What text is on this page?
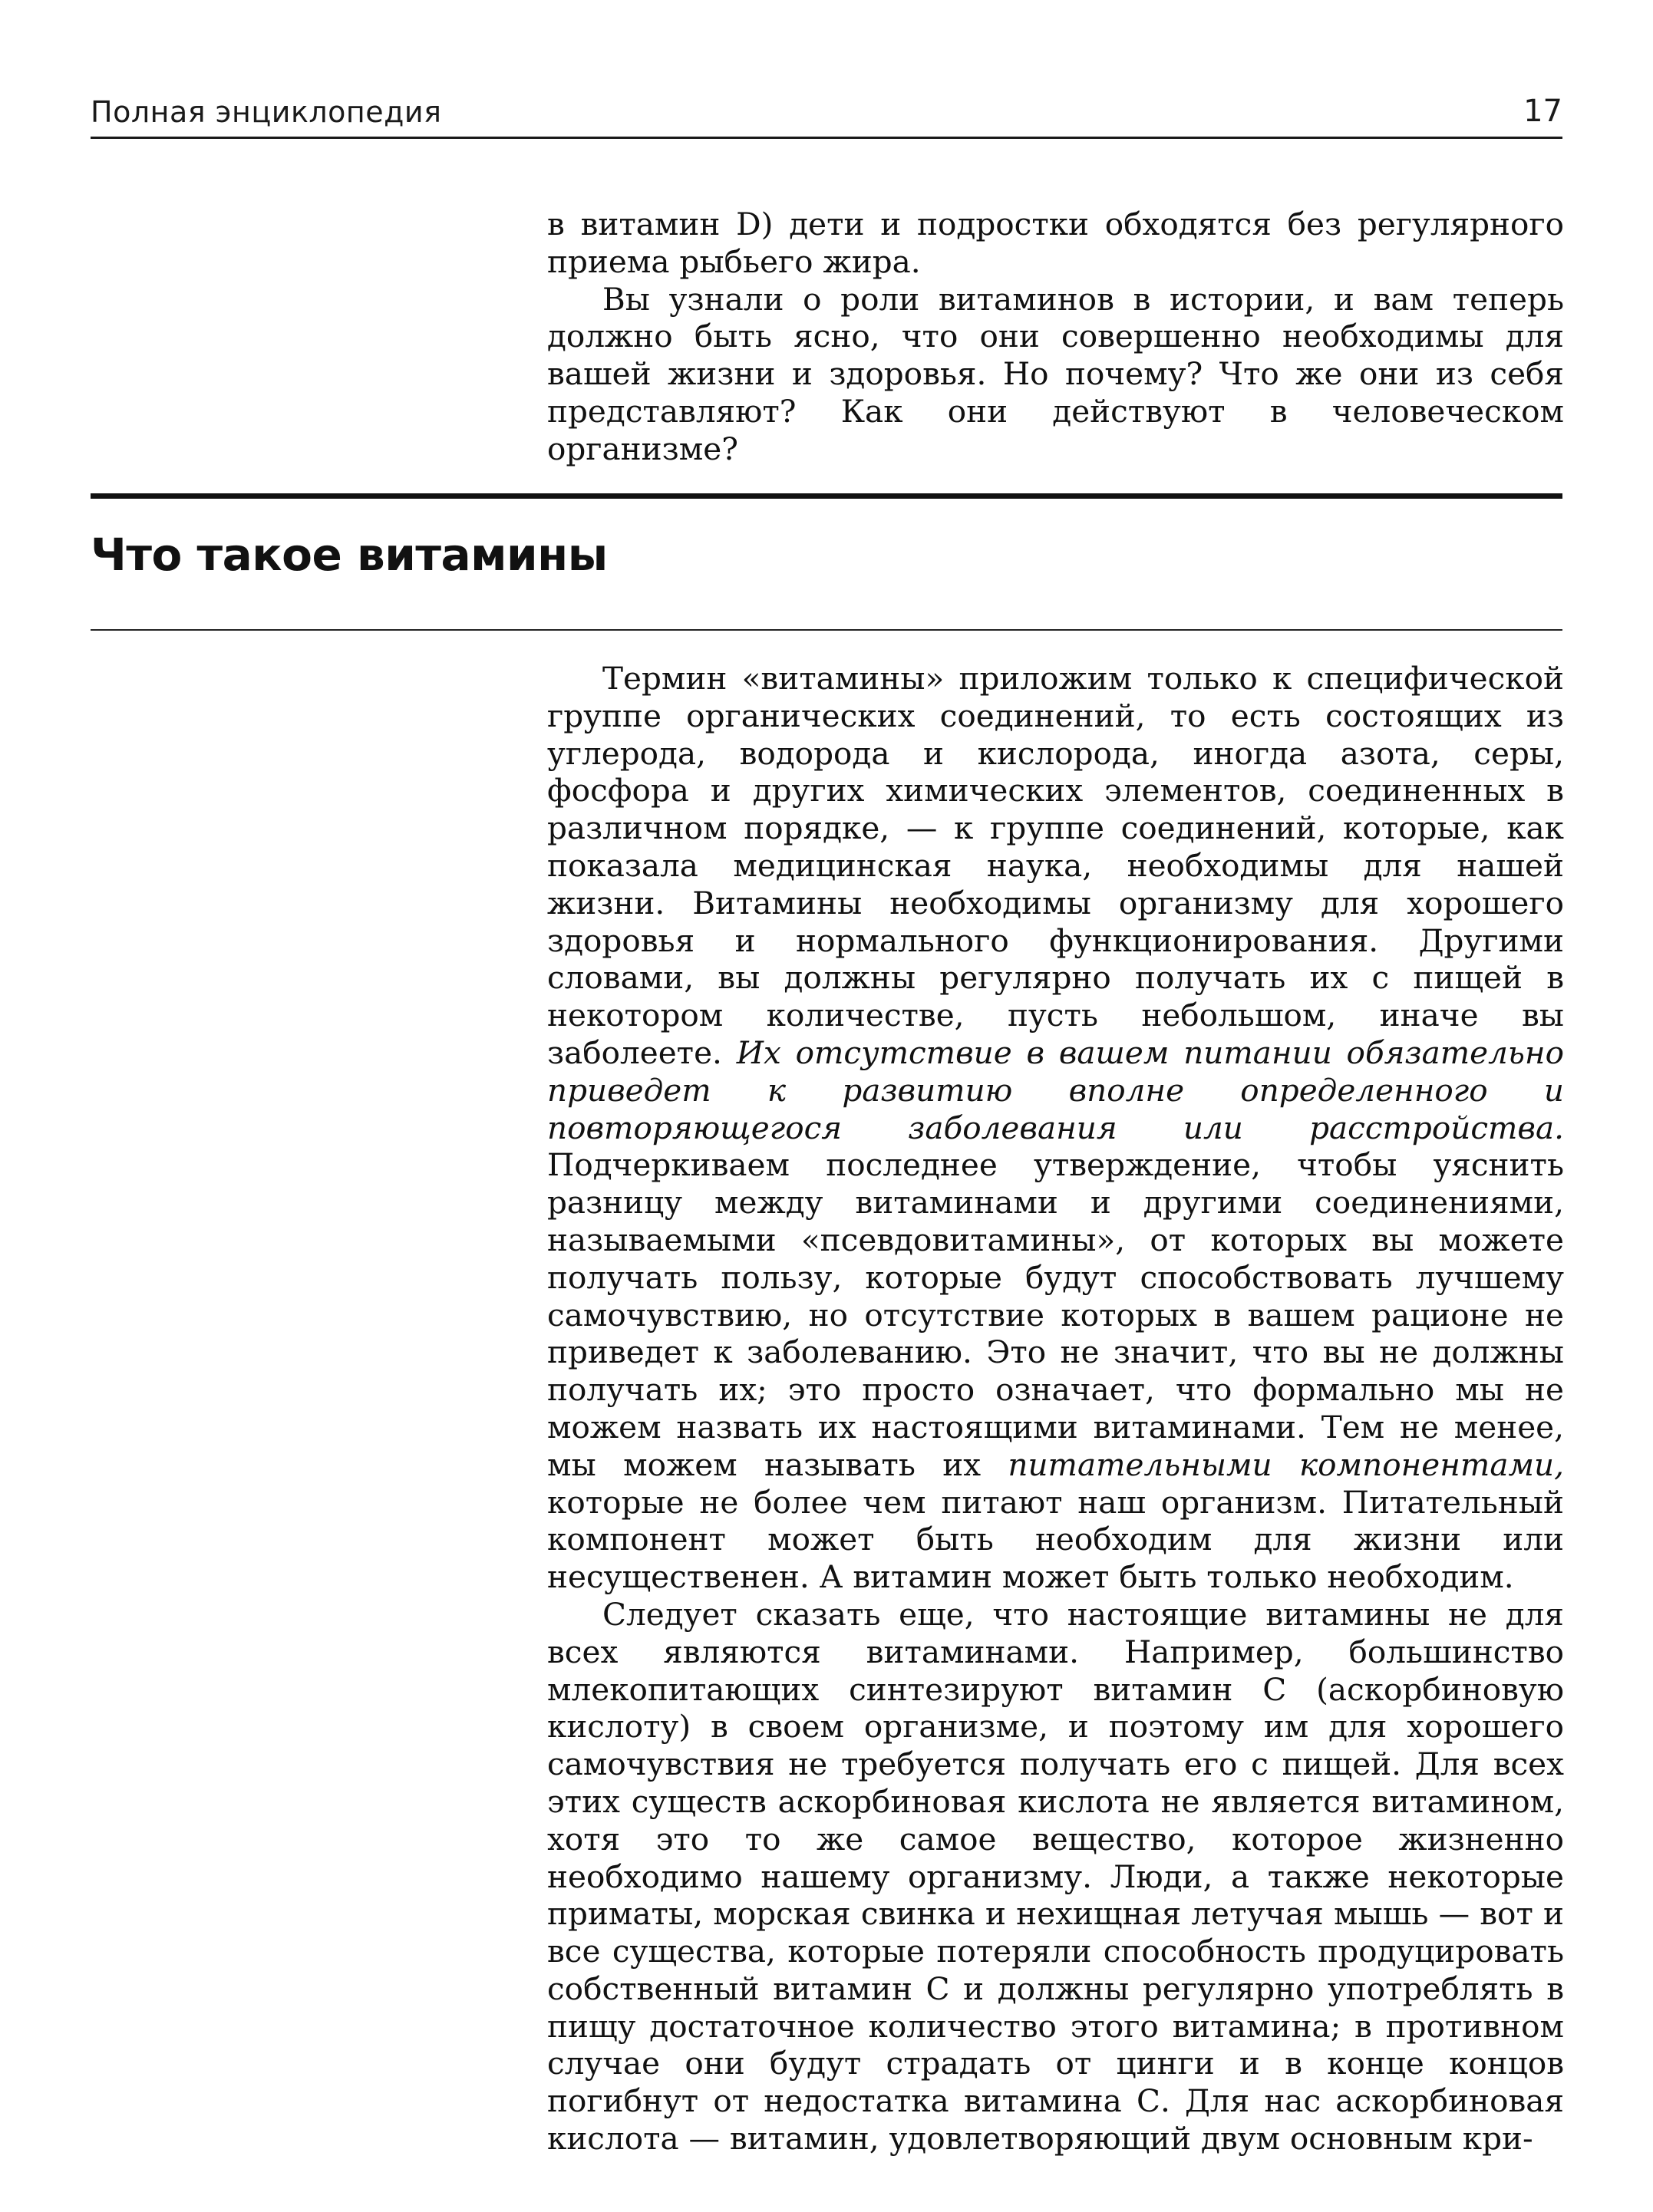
Полная энциклопедия	17

в витамин D) дети и подростки обходятся без регулярного приема рыбьего жира.

Вы узнали о роли витаминов в истории, и вам теперь должно быть ясно, что они совершенно необходимы для вашей жизни и здоровья. Но почему? Что же они из себя представляют? Как они действуют в человеческом организме?

Что такое витамины

Термин «витамины» приложим только к специфической группе органических соединений, то есть состоящих из углерода, водорода и кислорода, иногда азота, серы, фосфора и других химических элементов, соединенных в различном порядке, — к группе соединений, которые, как показала медицинская наука, необходимы для нашей жизни. Витамины необходимы организму для хорошего здоровья и нормального функционирования. Другими словами, вы должны регулярно получать их с пищей в некотором количестве, пусть небольшом, иначе вы заболеете. Их отсутствие в вашем питании обязательно приведет к развитию вполне определенного и повторяющегося заболевания или расстройства. Подчеркиваем последнее утверждение, чтобы уяснить разницу между витаминами и другими соединениями, называемыми «псевдовитамины», от которых вы можете получать пользу, которые будут способствовать лучшему самочувствию, но отсутствие которых в вашем рационе не приведет к заболеванию. Это не значит, что вы не должны получать их; это просто означает, что формально мы не можем назвать их настоящими витаминами. Тем не менее, мы можем называть их питательными компонентами, которые не более чем питают наш организм. Питательный компонент может быть необходим для жизни или несущественен. А витамин может быть только необходим.

Следует сказать еще, что настоящие витамины не для всех являются витаминами. Например, большинство млекопитающих синтезируют витамин С (аскорбиновую кислоту) в своем организме, и поэтому им для хорошего самочувствия не требуется получать его с пищей. Для всех этих существ аскорбиновая кислота не является витамином, хотя это то же самое вещество, которое жизненно необходимо нашему организму. Люди, а также некоторые приматы, морская свинка и нехищная летучая мышь — вот и все существа, которые потеряли способность продуцировать собственный витамин С и должны регулярно употреблять в пищу достаточное количество этого витамина; в противном случае они будут страдать от цинги и в конце концов погибнут от недостатка витамина С. Для нас аскорбиновая кислота — витамин, удовлетворяющий двум основным кри-
